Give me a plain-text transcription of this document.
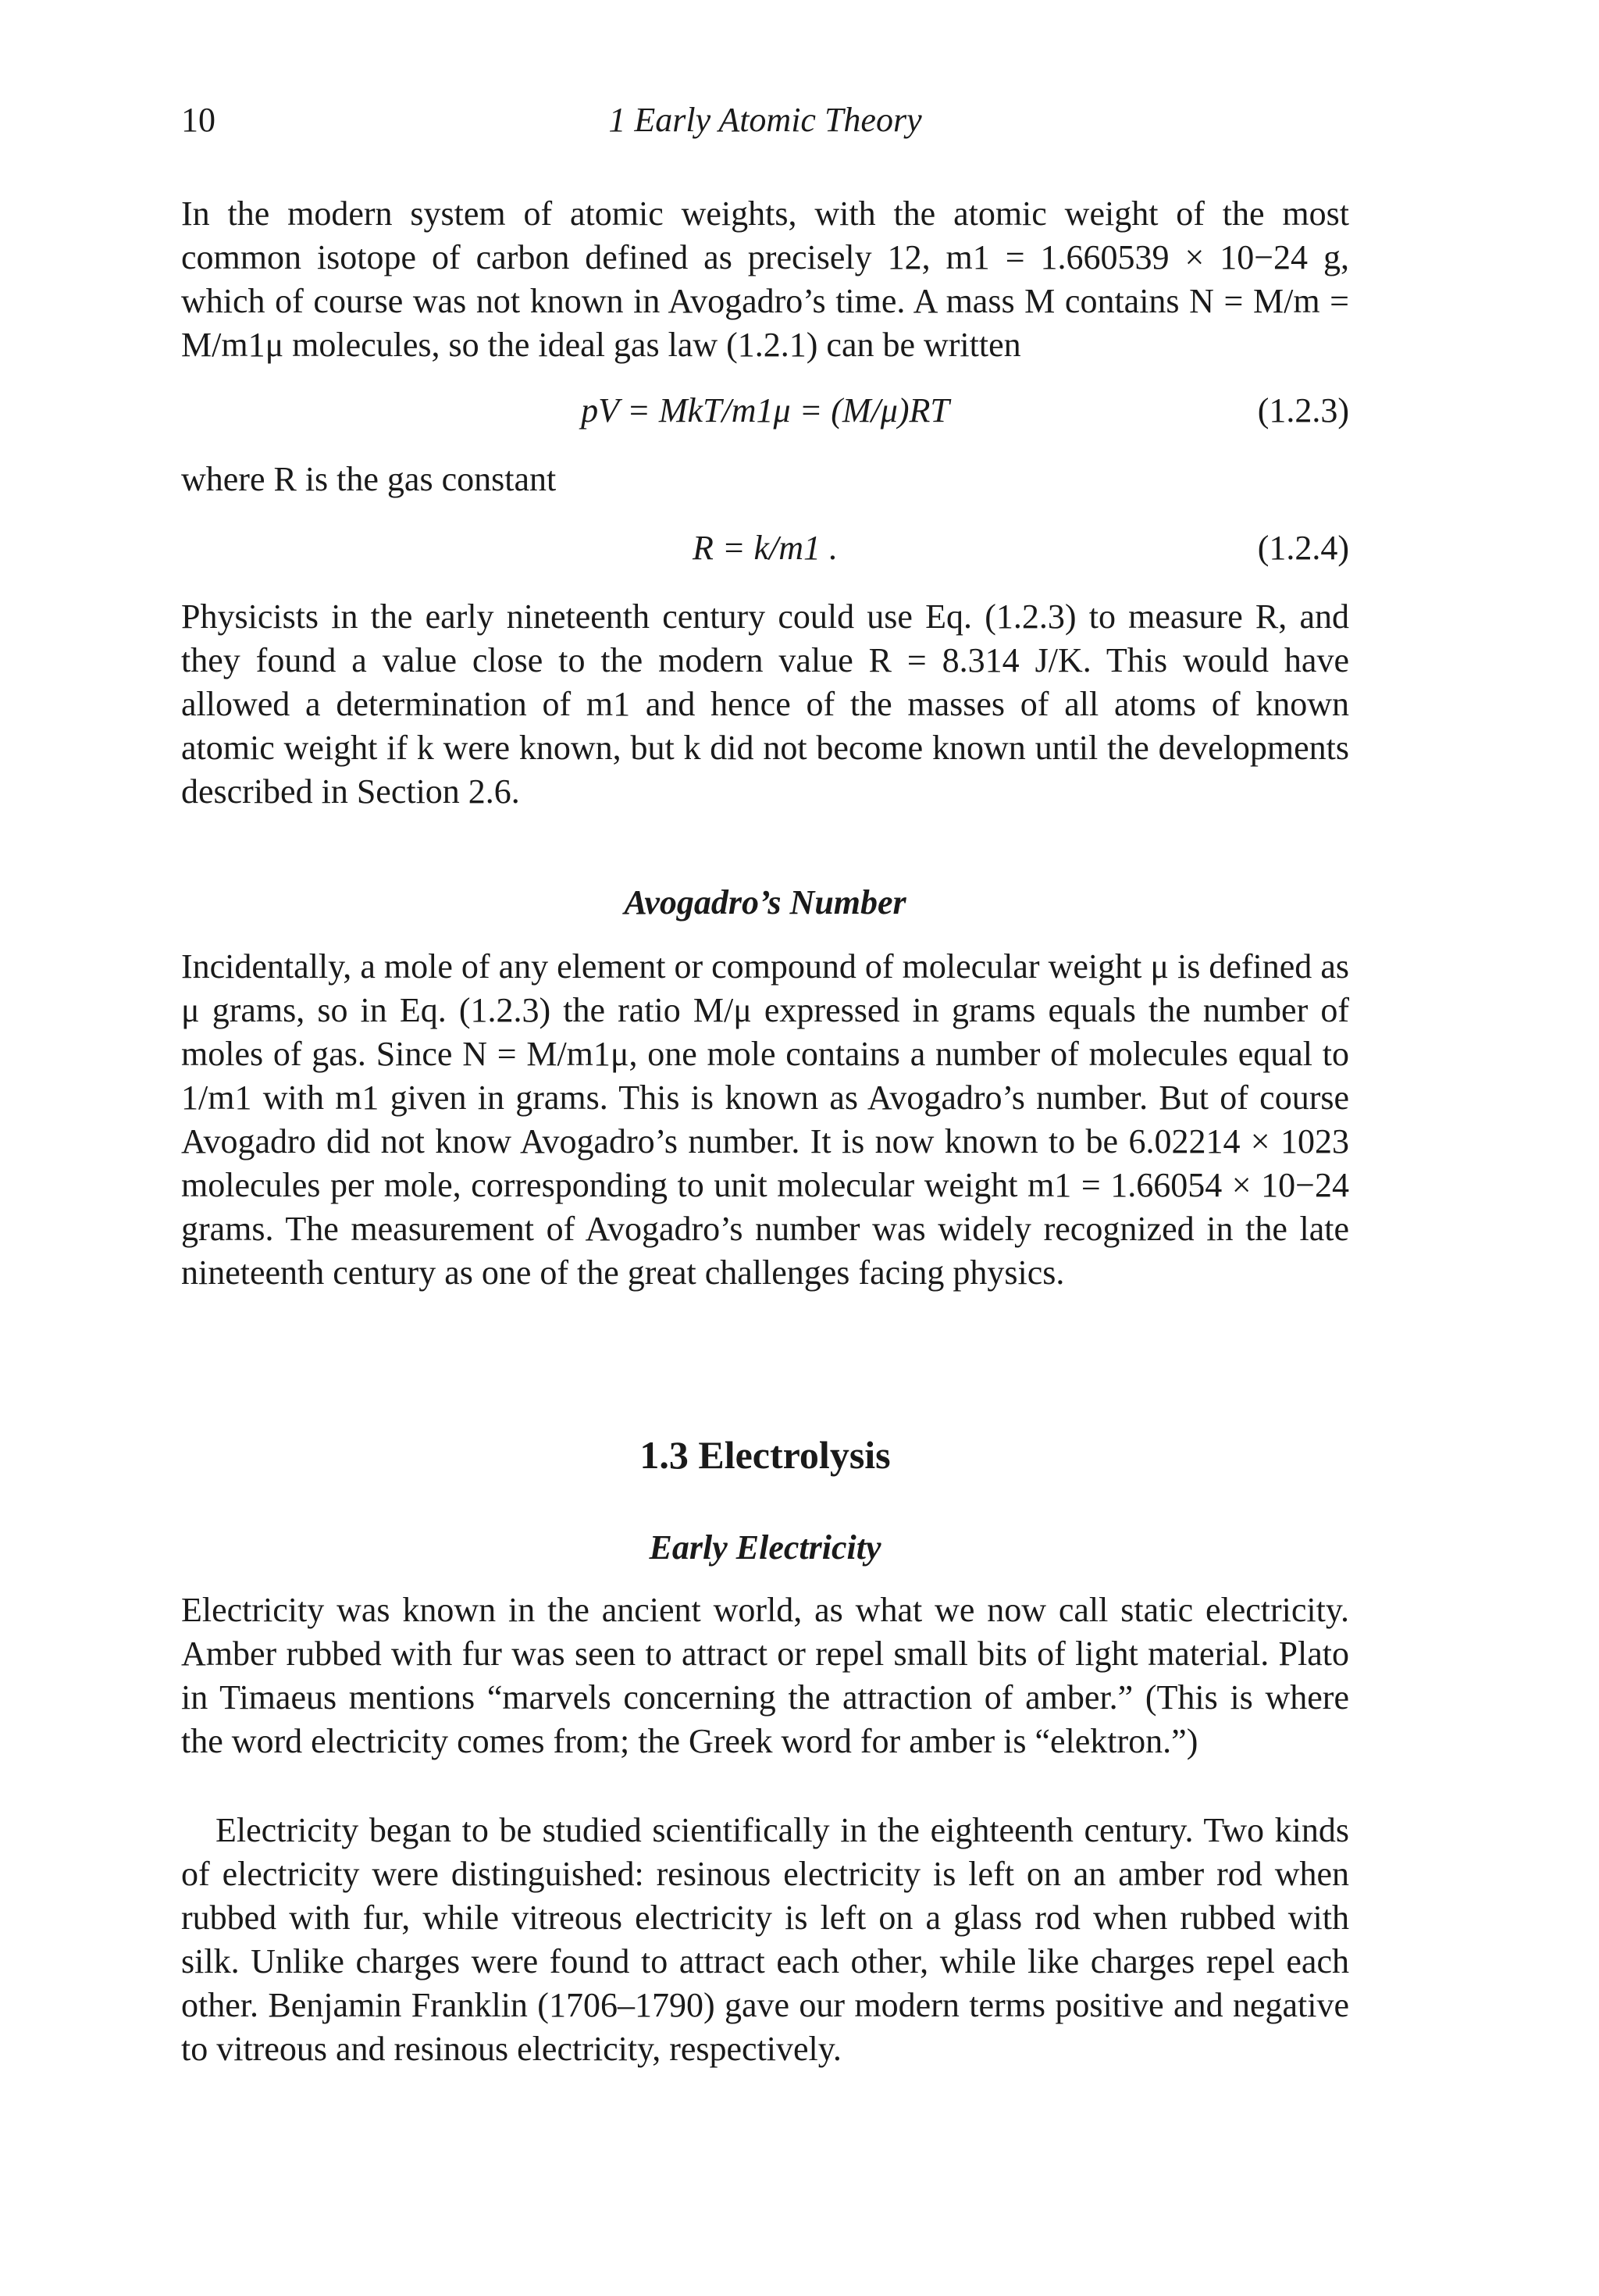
10	1 Early Atomic Theory

In the modern system of atomic weights, with the atomic weight of the most common isotope of carbon defined as precisely 12, m1 = 1.660539 × 10−24 g, which of course was not known in Avogadro’s time. A mass M contains N = M/m = M/m1μ molecules, so the ideal gas law (1.2.1) can be written

pV = MkT/m1μ = (M/μ)RT	(1.2.3)

where R is the gas constant

R = k/m1 .	(1.2.4)

Physicists in the early nineteenth century could use Eq. (1.2.3) to measure R, and they found a value close to the modern value R = 8.314 J/K. This would have allowed a determination of m1 and hence of the masses of all atoms of known atomic weight if k were known, but k did not become known until the developments described in Section 2.6.

Avogadro’s Number

Incidentally, a mole of any element or compound of molecular weight μ is defined as μ grams, so in Eq. (1.2.3) the ratio M/μ expressed in grams equals the number of moles of gas. Since N = M/m1μ, one mole contains a number of molecules equal to 1/m1 with m1 given in grams. This is known as Avogadro’s number. But of course Avogadro did not know Avogadro’s number. It is now known to be 6.02214 × 1023 molecules per mole, corresponding to unit molecular weight m1 = 1.66054 × 10−24 grams. The measurement of Avogadro’s number was widely recognized in the late nineteenth century as one of the great challenges facing physics.

1.3 Electrolysis
Early Electricity

Electricity was known in the ancient world, as what we now call static electricity. Amber rubbed with fur was seen to attract or repel small bits of light material. Plato in Timaeus mentions “marvels concerning the attraction of amber.” (This is where the word electricity comes from; the Greek word for amber is “elektron.”)

Electricity began to be studied scientifically in the eighteenth century. Two kinds of electricity were distinguished: resinous electricity is left on an amber rod when rubbed with fur, while vitreous electricity is left on a glass rod when rubbed with silk. Unlike charges were found to attract each other, while like charges repel each other. Benjamin Franklin (1706–1790) gave our modern terms positive and negative to vitreous and resinous electricity, respectively.
